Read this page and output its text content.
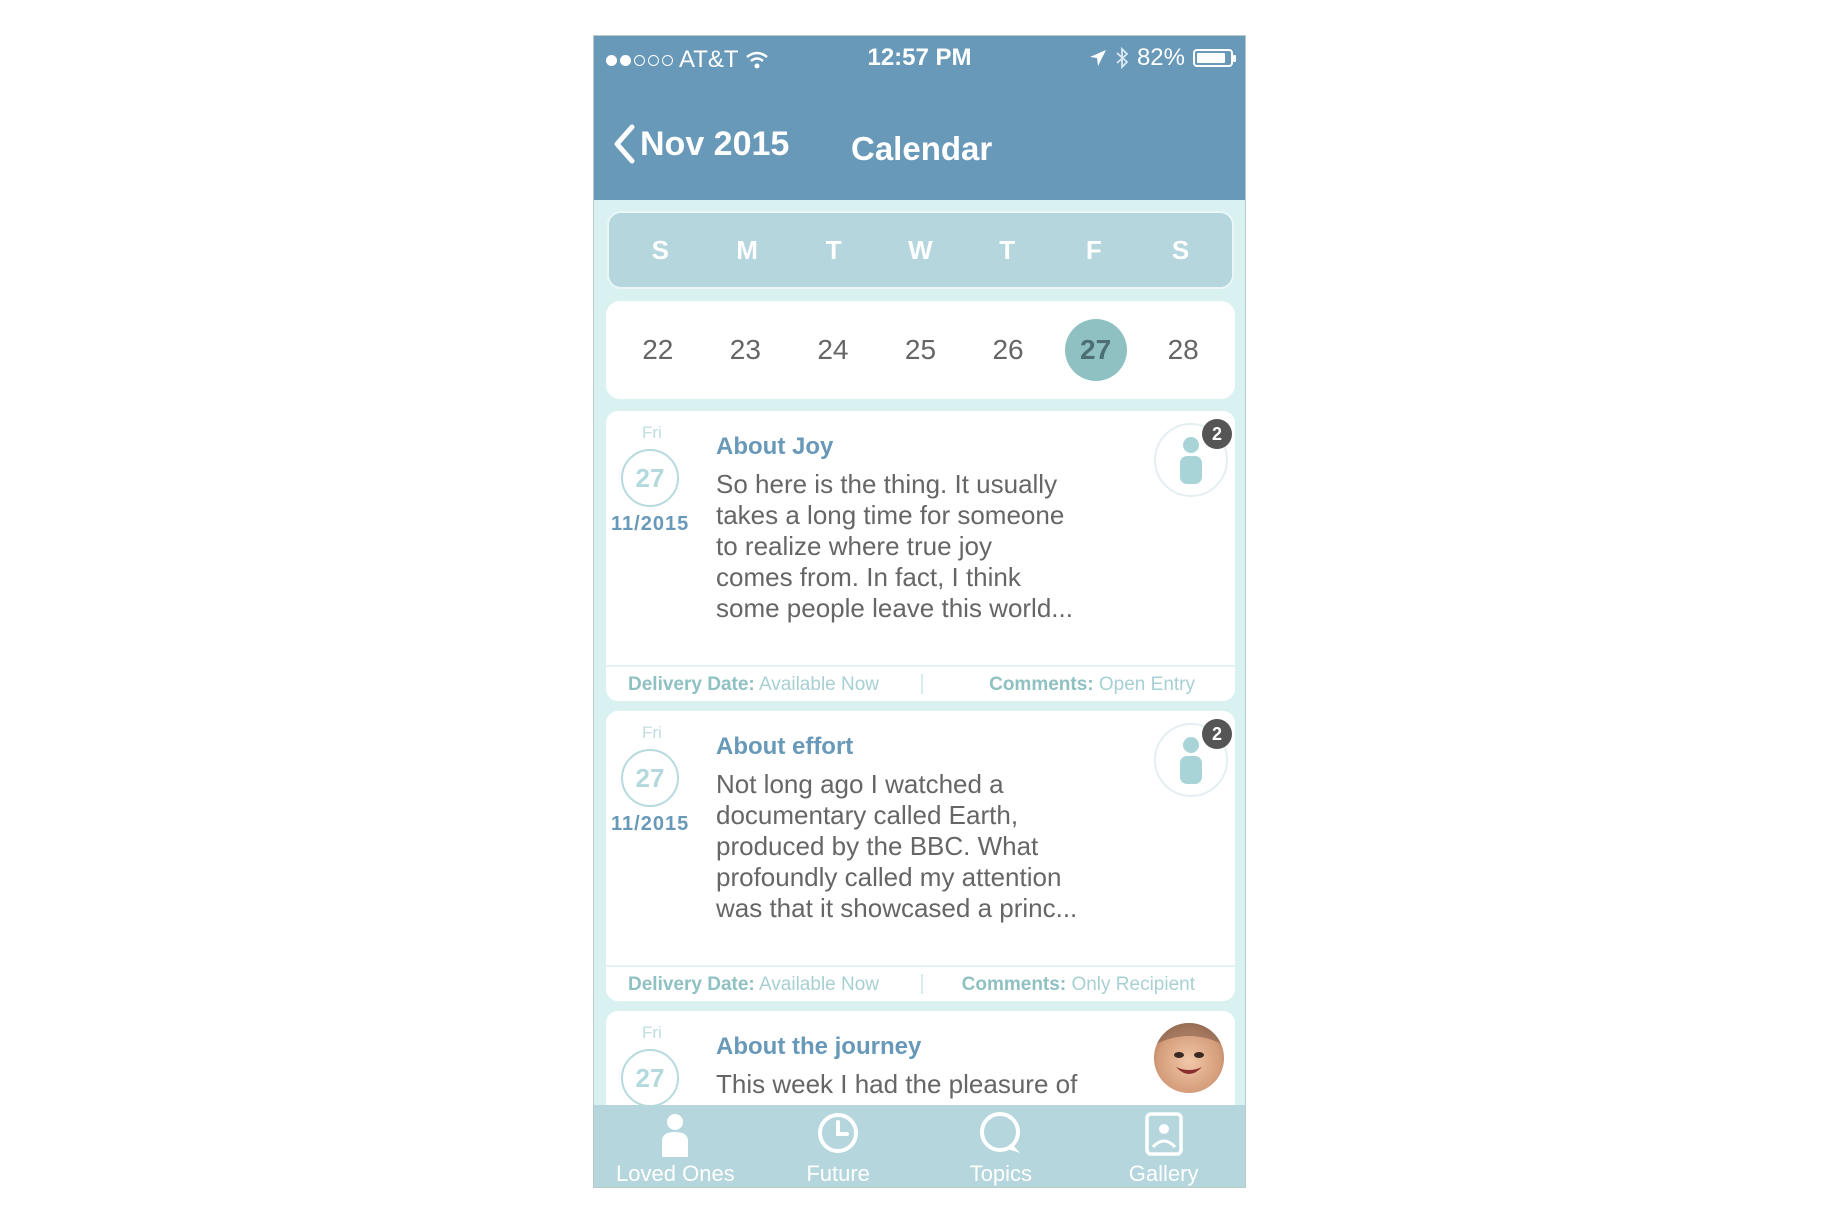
AT&T	12:57 PM	82%
Nov 2015 Calendar
S	M	T	W	T	F	S
22	23	24	25	26	27	28
Fri
27
11/2015
About Joy
So here is the thing. It usually
takes a long time for someone
to realize where true joy
comes from. In fact, I think
some people leave this world...
2
Delivery Date: Available Now	Comments: Open Entry
Fri
27
11/2015
About effort
Not long ago I watched a
documentary called Earth,
produced by the BBC. What
profoundly called my attention
was that it showcased a princ...
2
Delivery Date: Available Now	Comments: Only Recipient
Fri
27
About the journey
This week I had the pleasure of
Loved Ones	Future	Topics	Gallery
